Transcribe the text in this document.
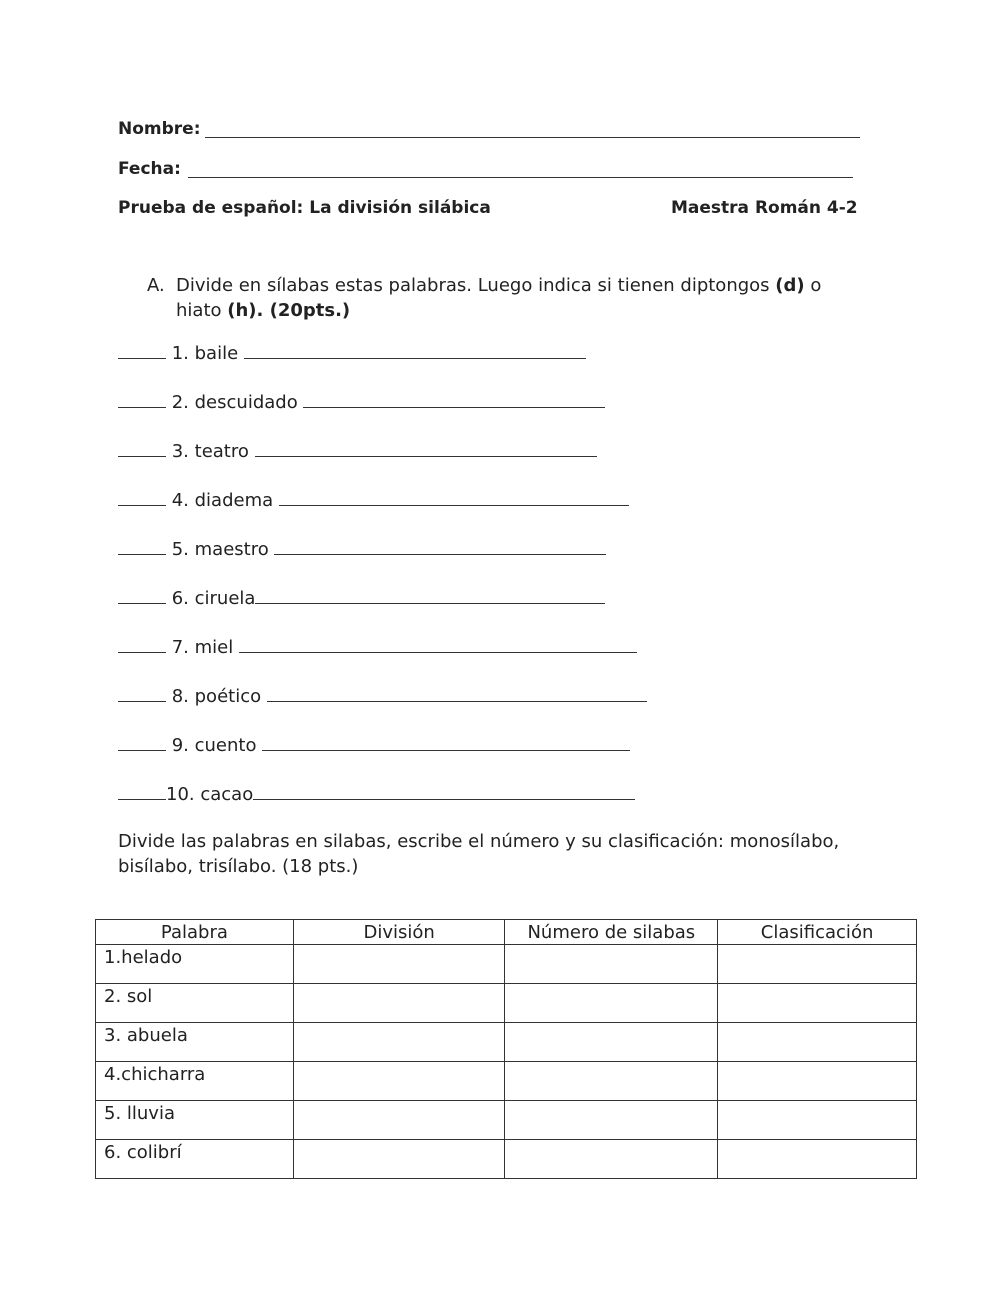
Nombre:
Fecha:
Prueba de español: La división silábica	Maestra Román 4-2
A. Divide en sílabas estas palabras. Luego indica si tienen diptongos (d) o
hiato (h). (20pts.)
1. baile
2. descuidado
3. teatro
4. diadema
5. maestro
6. ciruela
7. miel
8. poético
9. cuento
10. cacao
Divide las palabras en silabas, escribe el número y su clasificación: monosílabo,
bisílabo, trisílabo. (18 pts.)
Palabra	División	Número de silabas	Clasificación
1.helado			
2. sol			
3. abuela			
4.chicharra			
5. lluvia			
6. colibrí			
